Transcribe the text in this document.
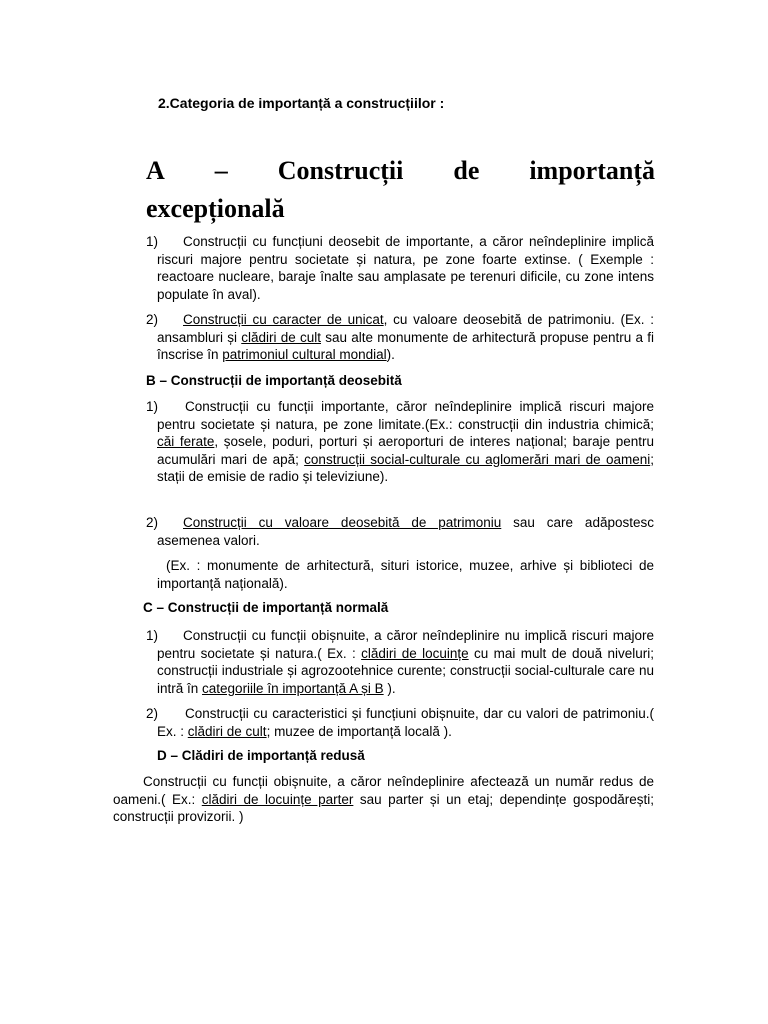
2.Categoria de importanță a construcțiilor :
A – Construcții de importanță
excepțională
1)	Construcții cu funcțiuni deosebit de importante, a căror neîndeplinire implică riscuri majore pentru societate și natura, pe zone foarte extinse. ( Exemple : reactoare nucleare, baraje înalte sau amplasate pe terenuri dificile, cu zone intens populate în aval).
2)	Construcții cu caracter de unicat, cu valoare deosebită de patrimoniu. (Ex. : ansambluri și clădiri de cult sau alte monumente de arhitectură propuse pentru a fi înscrise în patrimoniul cultural mondial).
B – Construcții de importanță deosebită
1)	Construcții cu funcții importante, căror neîndeplinire implică riscuri majore pentru societate și natura, pe zone limitate.(Ex.: construcții din industria chimică; căi ferate, șosele, poduri, porturi și aeroporturi de interes național; baraje pentru acumulări mari de apă; construcții social-culturale cu aglomerări mari de oameni; stații de emisie de radio și televiziune).
2)	Construcții cu valoare deosebită de patrimoniu sau care adăpostesc asemenea valori.
(Ex. : monumente de arhitectură, situri istorice, muzee, arhive și biblioteci de importanță națională).
C – Construcții de importanță normală
1)	Construcții cu funcții obișnuite, a căror neîndeplinire nu implică riscuri majore pentru societate și natura.( Ex. : clădiri de locuințe cu mai mult de două niveluri; construcții industriale și agrozootehnice curente; construcții social-culturale care nu intră în categoriile în importanță A și B ).
2)	Construcții cu caracteristici și funcțiuni obișnuite, dar cu valori de patrimoniu.( Ex. : clădiri de cult; muzee de importanță locală ).
D – Clădiri de importanță redusă
Construcții cu funcții obișnuite, a căror neîndeplinire afectează un număr redus de oameni.( Ex.: clădiri de locuințe parter sau parter și un etaj; dependințe gospodărești; construcții provizorii. )
